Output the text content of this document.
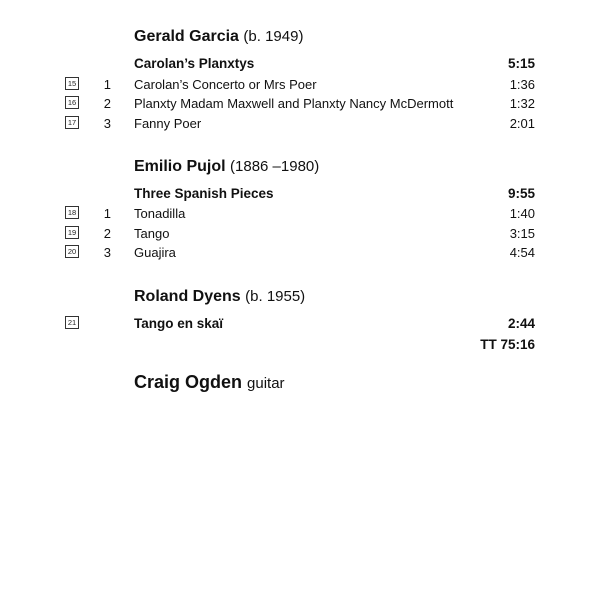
Gerald Garcia (b. 1949)
Carolan’s Planxtys	5:15
15	1 Carolan’s Concerto or Mrs Poer	1:36
16	2 Planxty Madam Maxwell and Planxty Nancy McDermott	1:32
17	3 Fanny Poer	2:01
Emilio Pujol (1886 –1980)
Three Spanish Pieces	9:55
18	1 Tonadilla	1:40
19	2 Tango	3:15
20	3 Guajira	4:54
Roland Dyens (b. 1955)
21	Tango en skaï	2:44
TT 75:16
Craig Ogden guitar
